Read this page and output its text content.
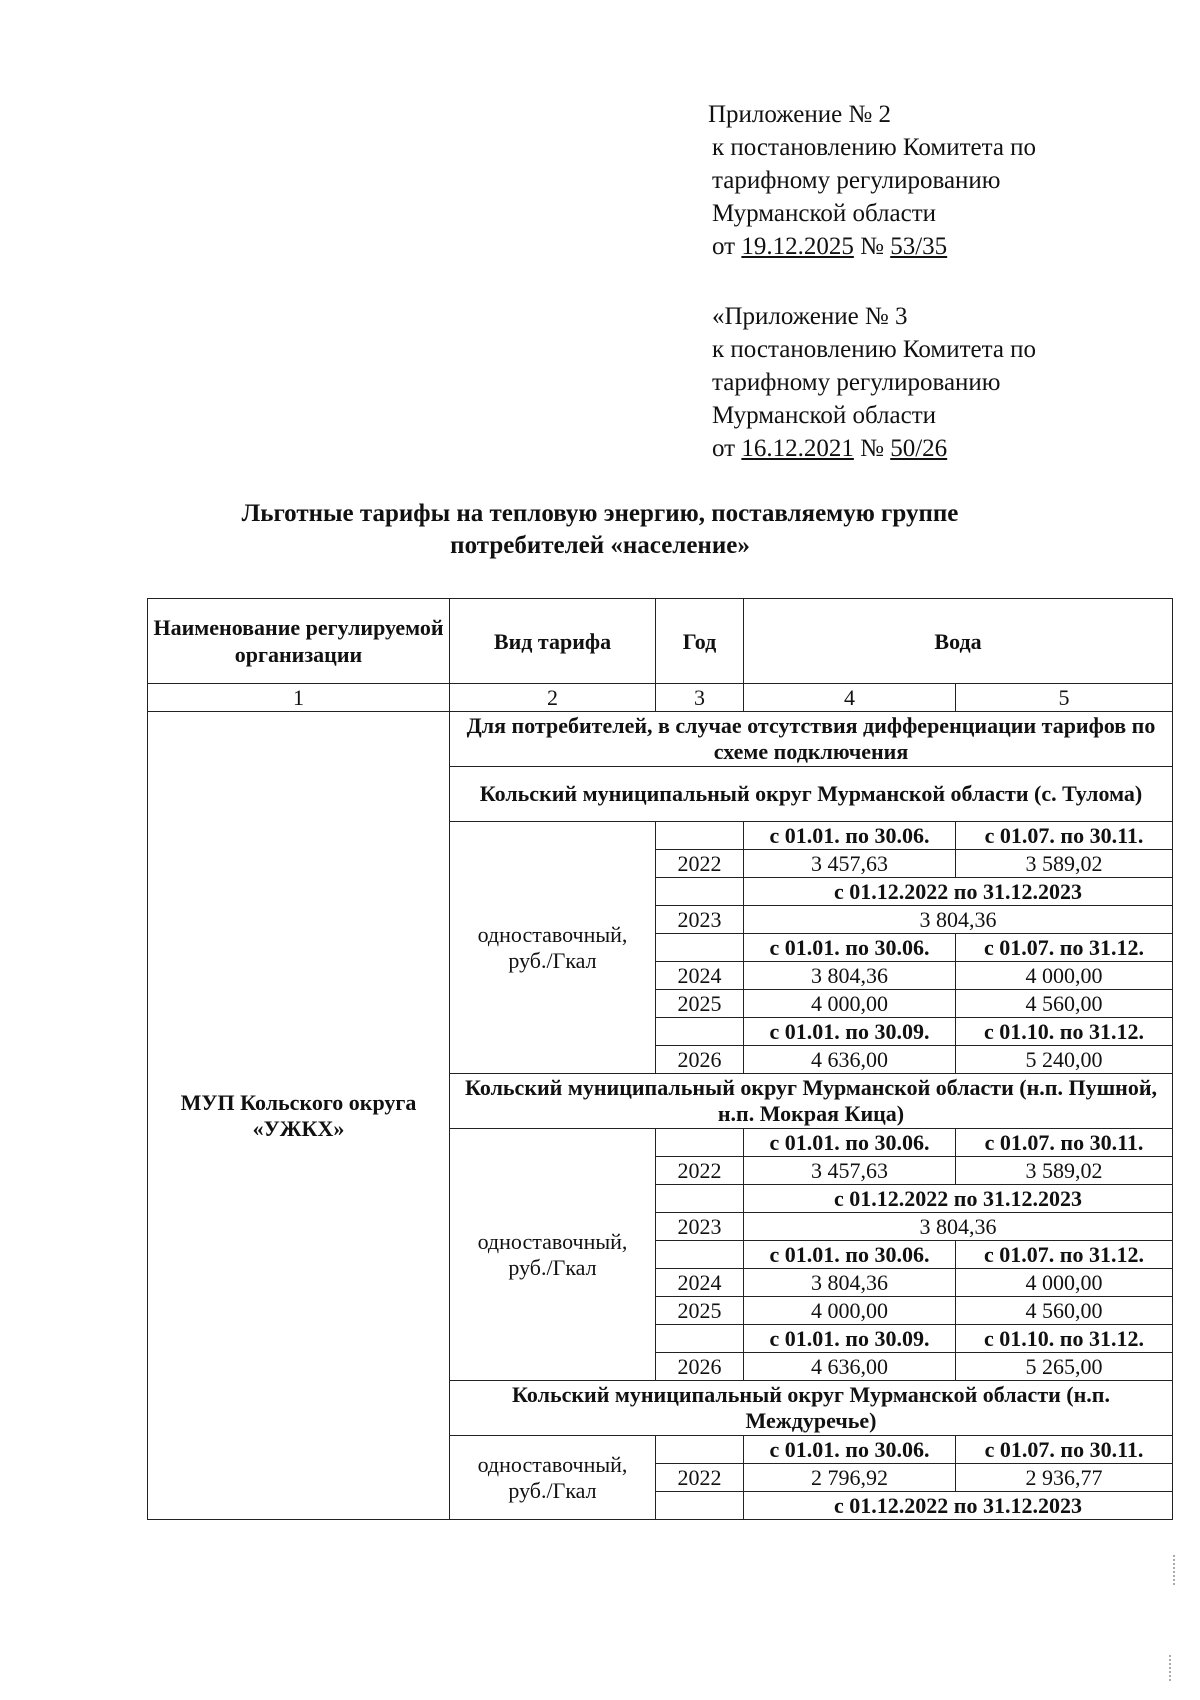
Приложение № 2
к постановлению Комитета по
тарифному регулированию
Мурманской области
от 19.12.2025 № 53/35
«Приложение № 3
к постановлению Комитета по
тарифному регулированию
Мурманской области
от 16.12.2021 № 50/26
Льготные тарифы на тепловую энергию, поставляемую группе
потребителей «население»
Наименование регулируемой организации	Вид тарифа	Год	Вода	
1	2	3	4	5
МУП Кольского округа «УЖКХ»	Для потребителей, в случае отсутствия дифференциации тарифов по схеме подключения			
	Кольский муниципальный округ Мурманской области (с. Тулома)			
	одноставочный, руб./Гкал		с 01.01. по 30.06.	с 01.07. по 30.11.
		2022	3 457,63	3 589,02
			с 01.12.2022 по 31.12.2023	
		2023	3 804,36	
			с 01.01. по 30.06.	с 01.07. по 31.12.
		2024	3 804,36	4 000,00
		2025	4 000,00	4 560,00
			с 01.01. по 30.09.	с 01.10. по 31.12.
		2026	4 636,00	5 240,00
	Кольский муниципальный округ Мурманской области (н.п. Пушной, н.п. Мокрая Кица)			
	одноставочный, руб./Гкал		с 01.01. по 30.06.	с 01.07. по 30.11.
		2022	3 457,63	3 589,02
			с 01.12.2022 по 31.12.2023	
		2023	3 804,36	
			с 01.01. по 30.06.	с 01.07. по 31.12.
		2024	3 804,36	4 000,00
		2025	4 000,00	4 560,00
			с 01.01. по 30.09.	с 01.10. по 31.12.
		2026	4 636,00	5 265,00
	Кольский муниципальный округ Мурманской области (н.п. Междуречье)			
	одноставочный, руб./Гкал		с 01.01. по 30.06.	с 01.07. по 30.11.
		2022	2 796,92	2 936,77
			с 01.12.2022 по 31.12.2023	
